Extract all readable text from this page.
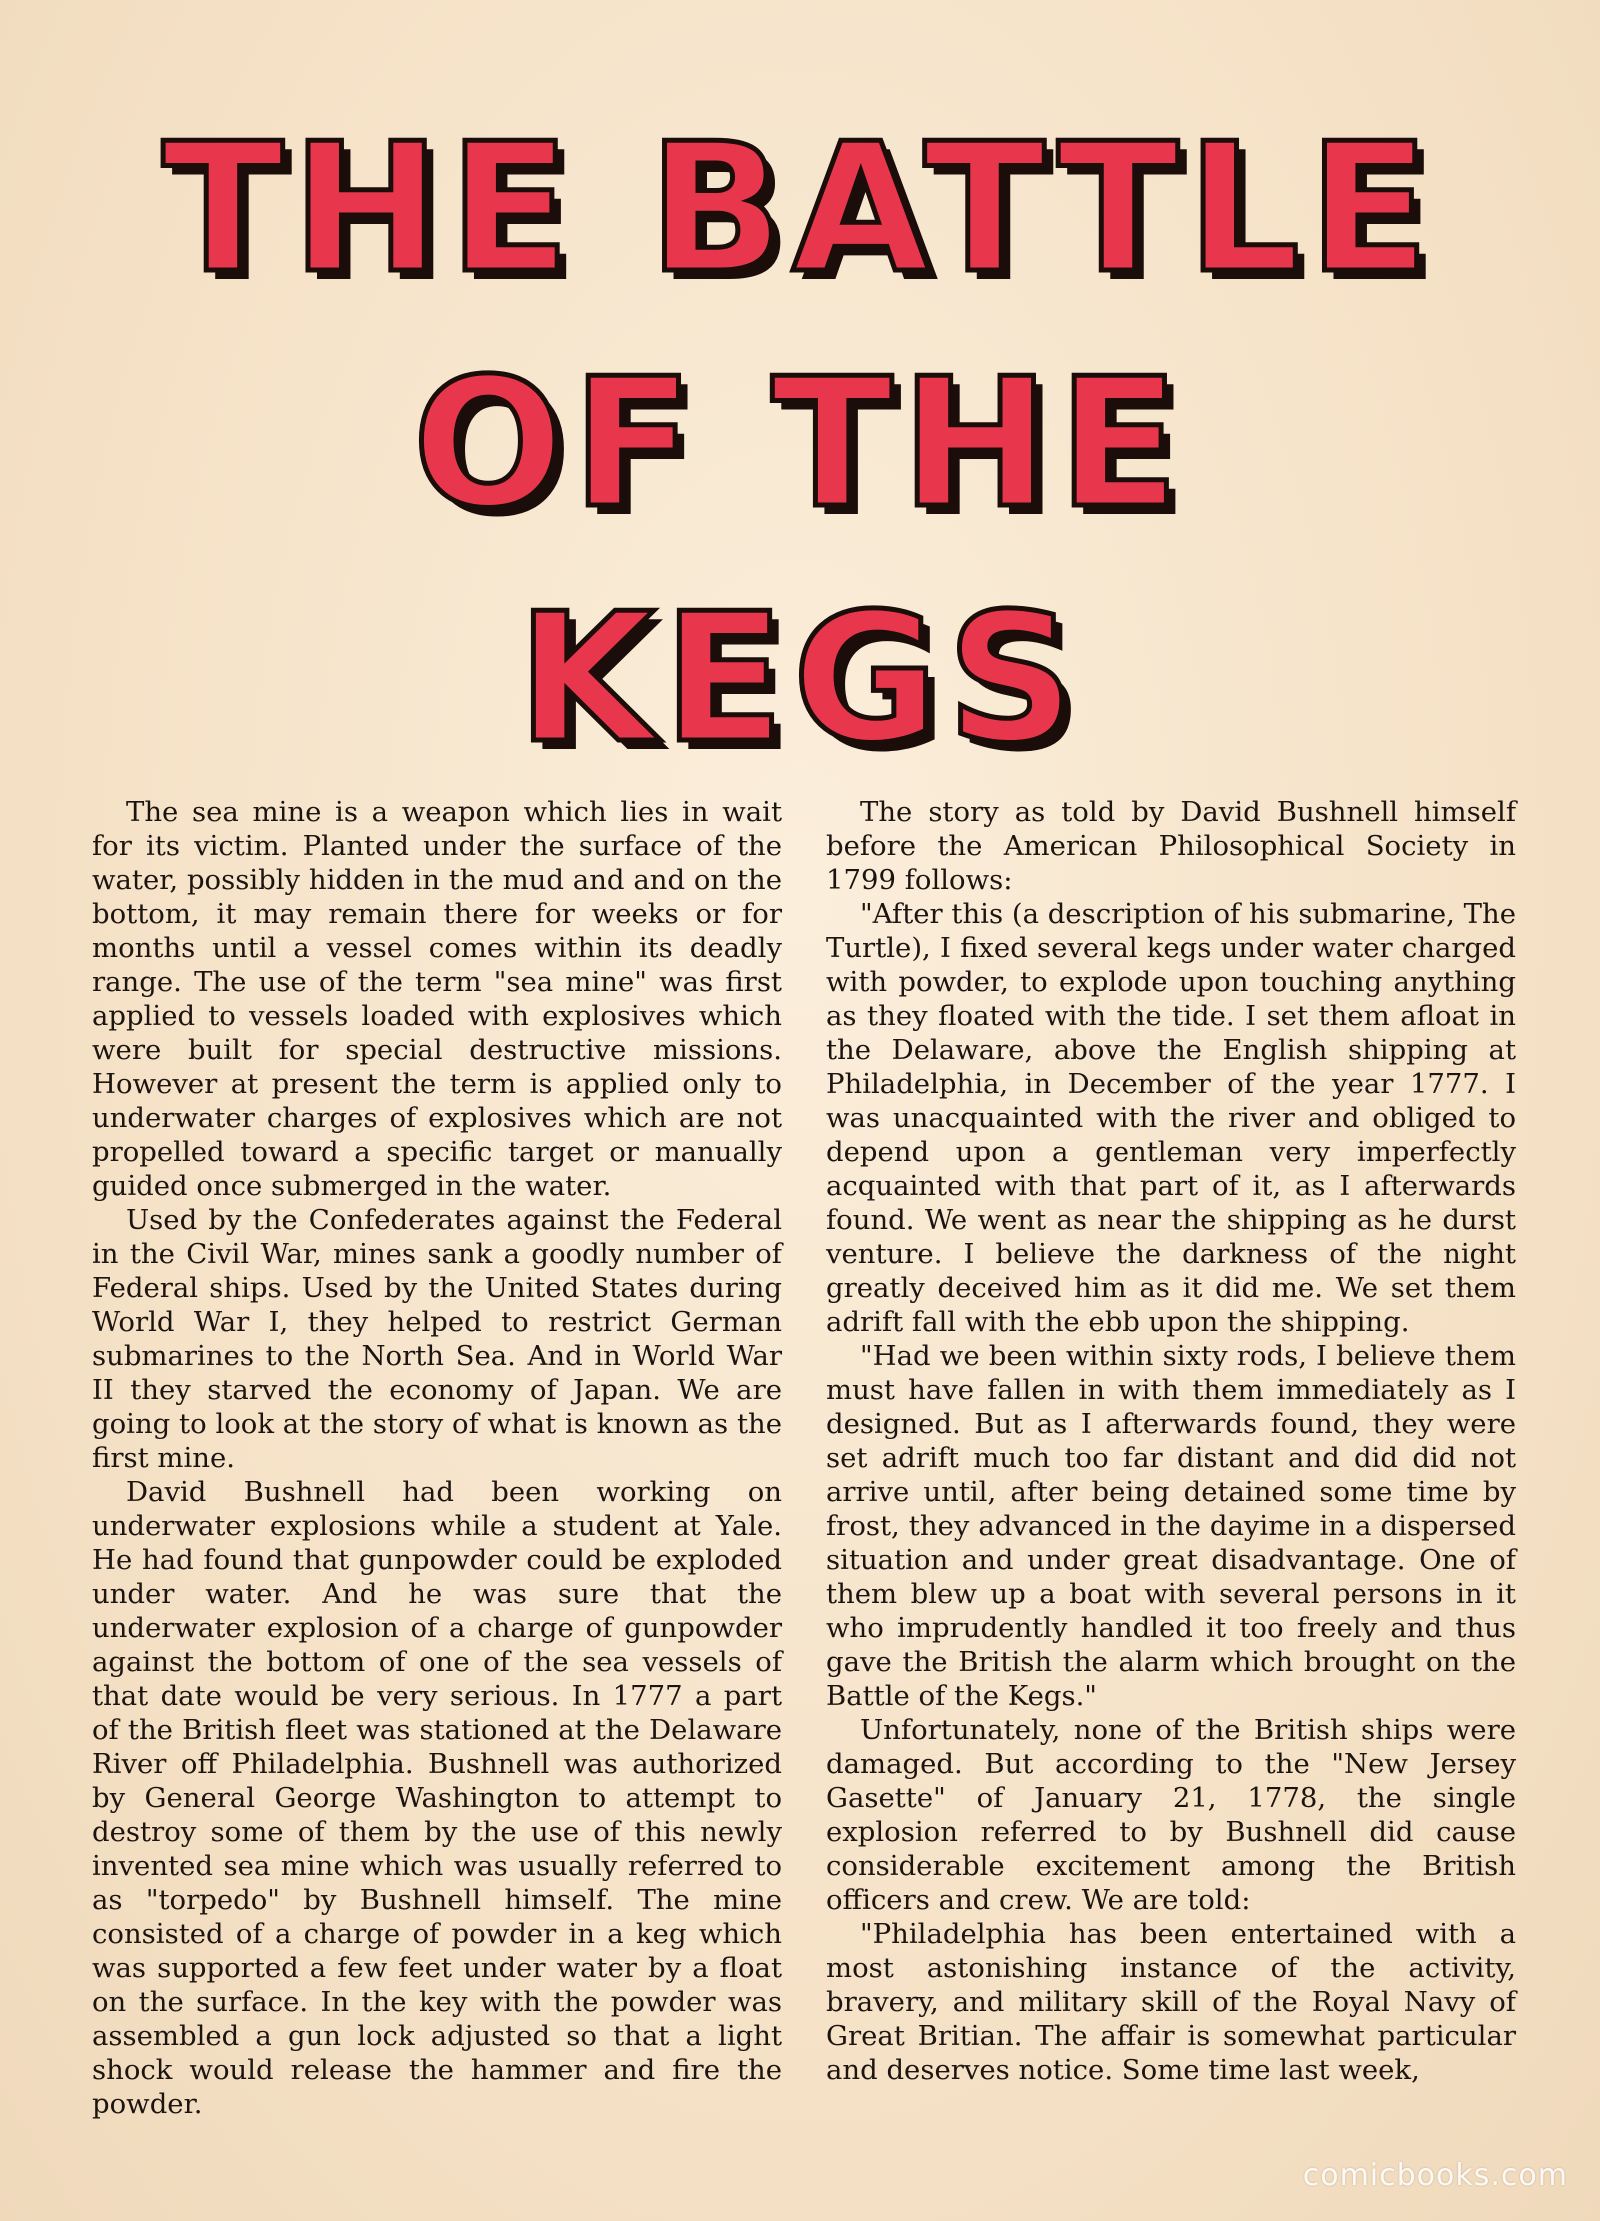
THE BATTLE
OF THE
KEGS

The sea mine is a weapon which lies in wait for its victim. Planted under the surface of the water, possibly hidden in the mud and and on the bottom, it may remain there for weeks or for months until a vessel comes within its deadly range. The use of the term "sea mine" was first applied to vessels loaded with explosives which were built for special destructive missions. However at present the term is applied only to underwater charges of explosives which are not propelled toward a specific target or manually guided once submerged in the water.

Used by the Confederates against the Federal in the Civil War, mines sank a goodly number of Federal ships. Used by the United States during World War I, they helped to restrict German submarines to the North Sea. And in World War II they starved the economy of Japan. We are going to look at the story of what is known as the first mine.

David Bushnell had been working on underwater explosions while a student at Yale. He had found that gunpowder could be exploded under water. And he was sure that the underwater explosion of a charge of gunpowder against the bottom of one of the sea vessels of that date would be very serious. In 1777 a part of the British fleet was stationed at the Delaware River off Philadelphia. Bushnell was authorized by General George Washington to attempt to destroy some of them by the use of this newly invented sea mine which was usually referred to as "torpedo" by Bushnell himself. The mine consisted of a charge of powder in a keg which was supported a few feet under water by a float on the surface. In the key with the powder was assembled a gun lock adjusted so that a light shock would release the hammer and fire the powder.

The story as told by David Bushnell himself before the American Philosophical Society in 1799 follows:

"After this (a description of his submarine, The Turtle), I fixed several kegs under water charged with powder, to explode upon touching anything as they floated with the tide. I set them afloat in the Delaware, above the English shipping at Philadelphia, in December of the year 1777. I was unacquainted with the river and obliged to depend upon a gentleman very imperfectly acquainted with that part of it, as I afterwards found. We went as near the shipping as he durst venture. I believe the darkness of the night greatly deceived him as it did me. We set them adrift fall with the ebb upon the shipping.

"Had we been within sixty rods, I believe them must have fallen in with them immediately as I designed. But as I afterwards found, they were set adrift much too far distant and did did not arrive until, after being detained some time by frost, they advanced in the dayime in a dispersed situation and under great disadvantage. One of them blew up a boat with several persons in it who imprudently handled it too freely and thus gave the British the alarm which brought on the Battle of the Kegs."

Unfortunately, none of the British ships were damaged. But according to the "New Jersey Gasette" of January 21, 1778, the single explosion referred to by Bushnell did cause considerable excitement among the British officers and crew. We are told:

"Philadelphia has been entertained with a most astonishing instance of the activity, bravery, and military skill of the Royal Navy of Great Britian. The affair is somewhat particular and deserves notice. Some time last week,

comicbooks.com
